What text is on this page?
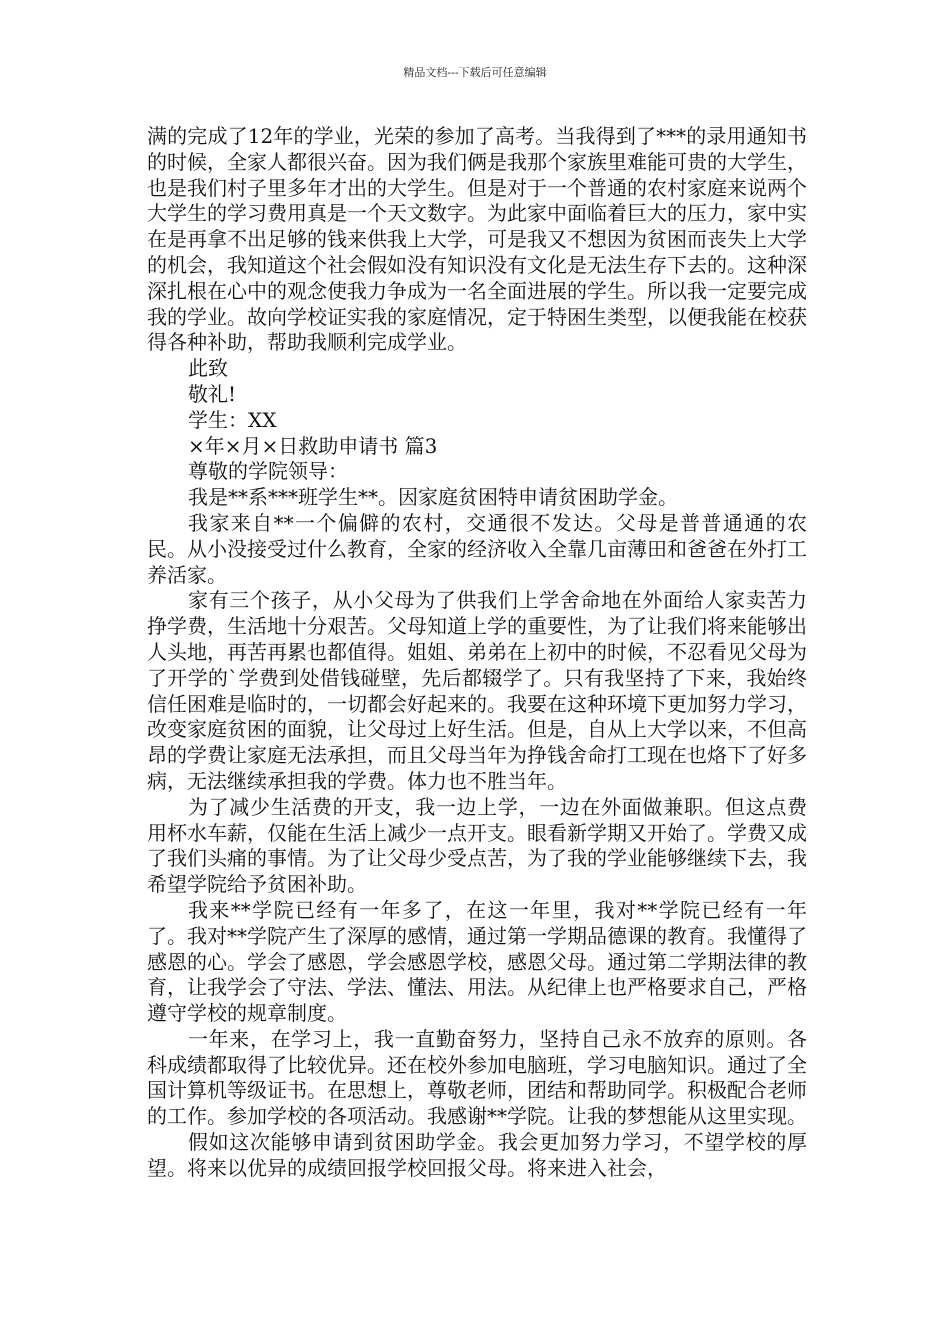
精品文档---下载后可任意编辑

满的完成了12年的学业，光荣的参加了高考。当我得到了***的录用通知书的时候，全家人都很兴奋。因为我们俩是我那个家族里难能可贵的大学生，也是我们村子里多年才出的大学生。但是对于一个普通的农村家庭来说两个大学生的学习费用真是一个天文数字。为此家中面临着巨大的压力，家中实在是再拿不出足够的钱来供我上大学，可是我又不想因为贫困而丧失上大学的机会，我知道这个社会假如没有知识没有文化是无法生存下去的。这种深深扎根在心中的观念使我力争成为一名全面进展的学生。所以我一定要完成我的学业。故向学校证实我的家庭情况，定于特困生类型，以便我能在校获得各种补助，帮助我顺利完成学业。

此致

敬礼!

学生：XX

×年×月×日救助申请书 篇3

尊敬的学院领导：

我是**系***班学生**。因家庭贫困特申请贫困助学金。

我家来自**一个偏僻的农村，交通很不发达。父母是普普通通的农民。从小没接受过什么教育，全家的经济收入全靠几亩薄田和爸爸在外打工养活家。

家有三个孩子，从小父母为了供我们上学舍命地在外面给人家卖苦力挣学费，生活地十分艰苦。父母知道上学的重要性，为了让我们将来能够出人头地，再苦再累也都值得。姐姐、弟弟在上初中的时候，不忍看见父母为了开学的`学费到处借钱碰壁，先后都辍学了。只有我坚持了下来，我始终信任困难是临时的，一切都会好起来的。我要在这种环境下更加努力学习，改变家庭贫困的面貌，让父母过上好生活。但是，自从上大学以来，不但高昂的学费让家庭无法承担，而且父母当年为挣钱舍命打工现在也烙下了好多病，无法继续承担我的学费。体力也不胜当年。

为了减少生活费的开支，我一边上学，一边在外面做兼职。但这点费用杯水车薪，仅能在生活上减少一点开支。眼看新学期又开始了。学费又成了我们头痛的事情。为了让父母少受点苦，为了我的学业能够继续下去，我希望学院给予贫困补助。

我来**学院已经有一年多了，在这一年里，我对**学院已经有一年了。我对**学院产生了深厚的感情，通过第一学期品德课的教育。我懂得了感恩的心。学会了感恩，学会感恩学校，感恩父母。通过第二学期法律的教育，让我学会了守法、学法、懂法、用法。从纪律上也严格要求自己，严格遵守学校的规章制度。

一年来，在学习上，我一直勤奋努力，坚持自己永不放弃的原则。各科成绩都取得了比较优异。还在校外参加电脑班，学习电脑知识。通过了全国计算机等级证书。在思想上，尊敬老师，团结和帮助同学。积极配合老师的工作。参加学校的各项活动。我感谢**学院。让我的梦想能从这里实现。

假如这次能够申请到贫困助学金。我会更加努力学习，不望学校的厚望。将来以优异的成绩回报学校回报父母。将来进入社会，
